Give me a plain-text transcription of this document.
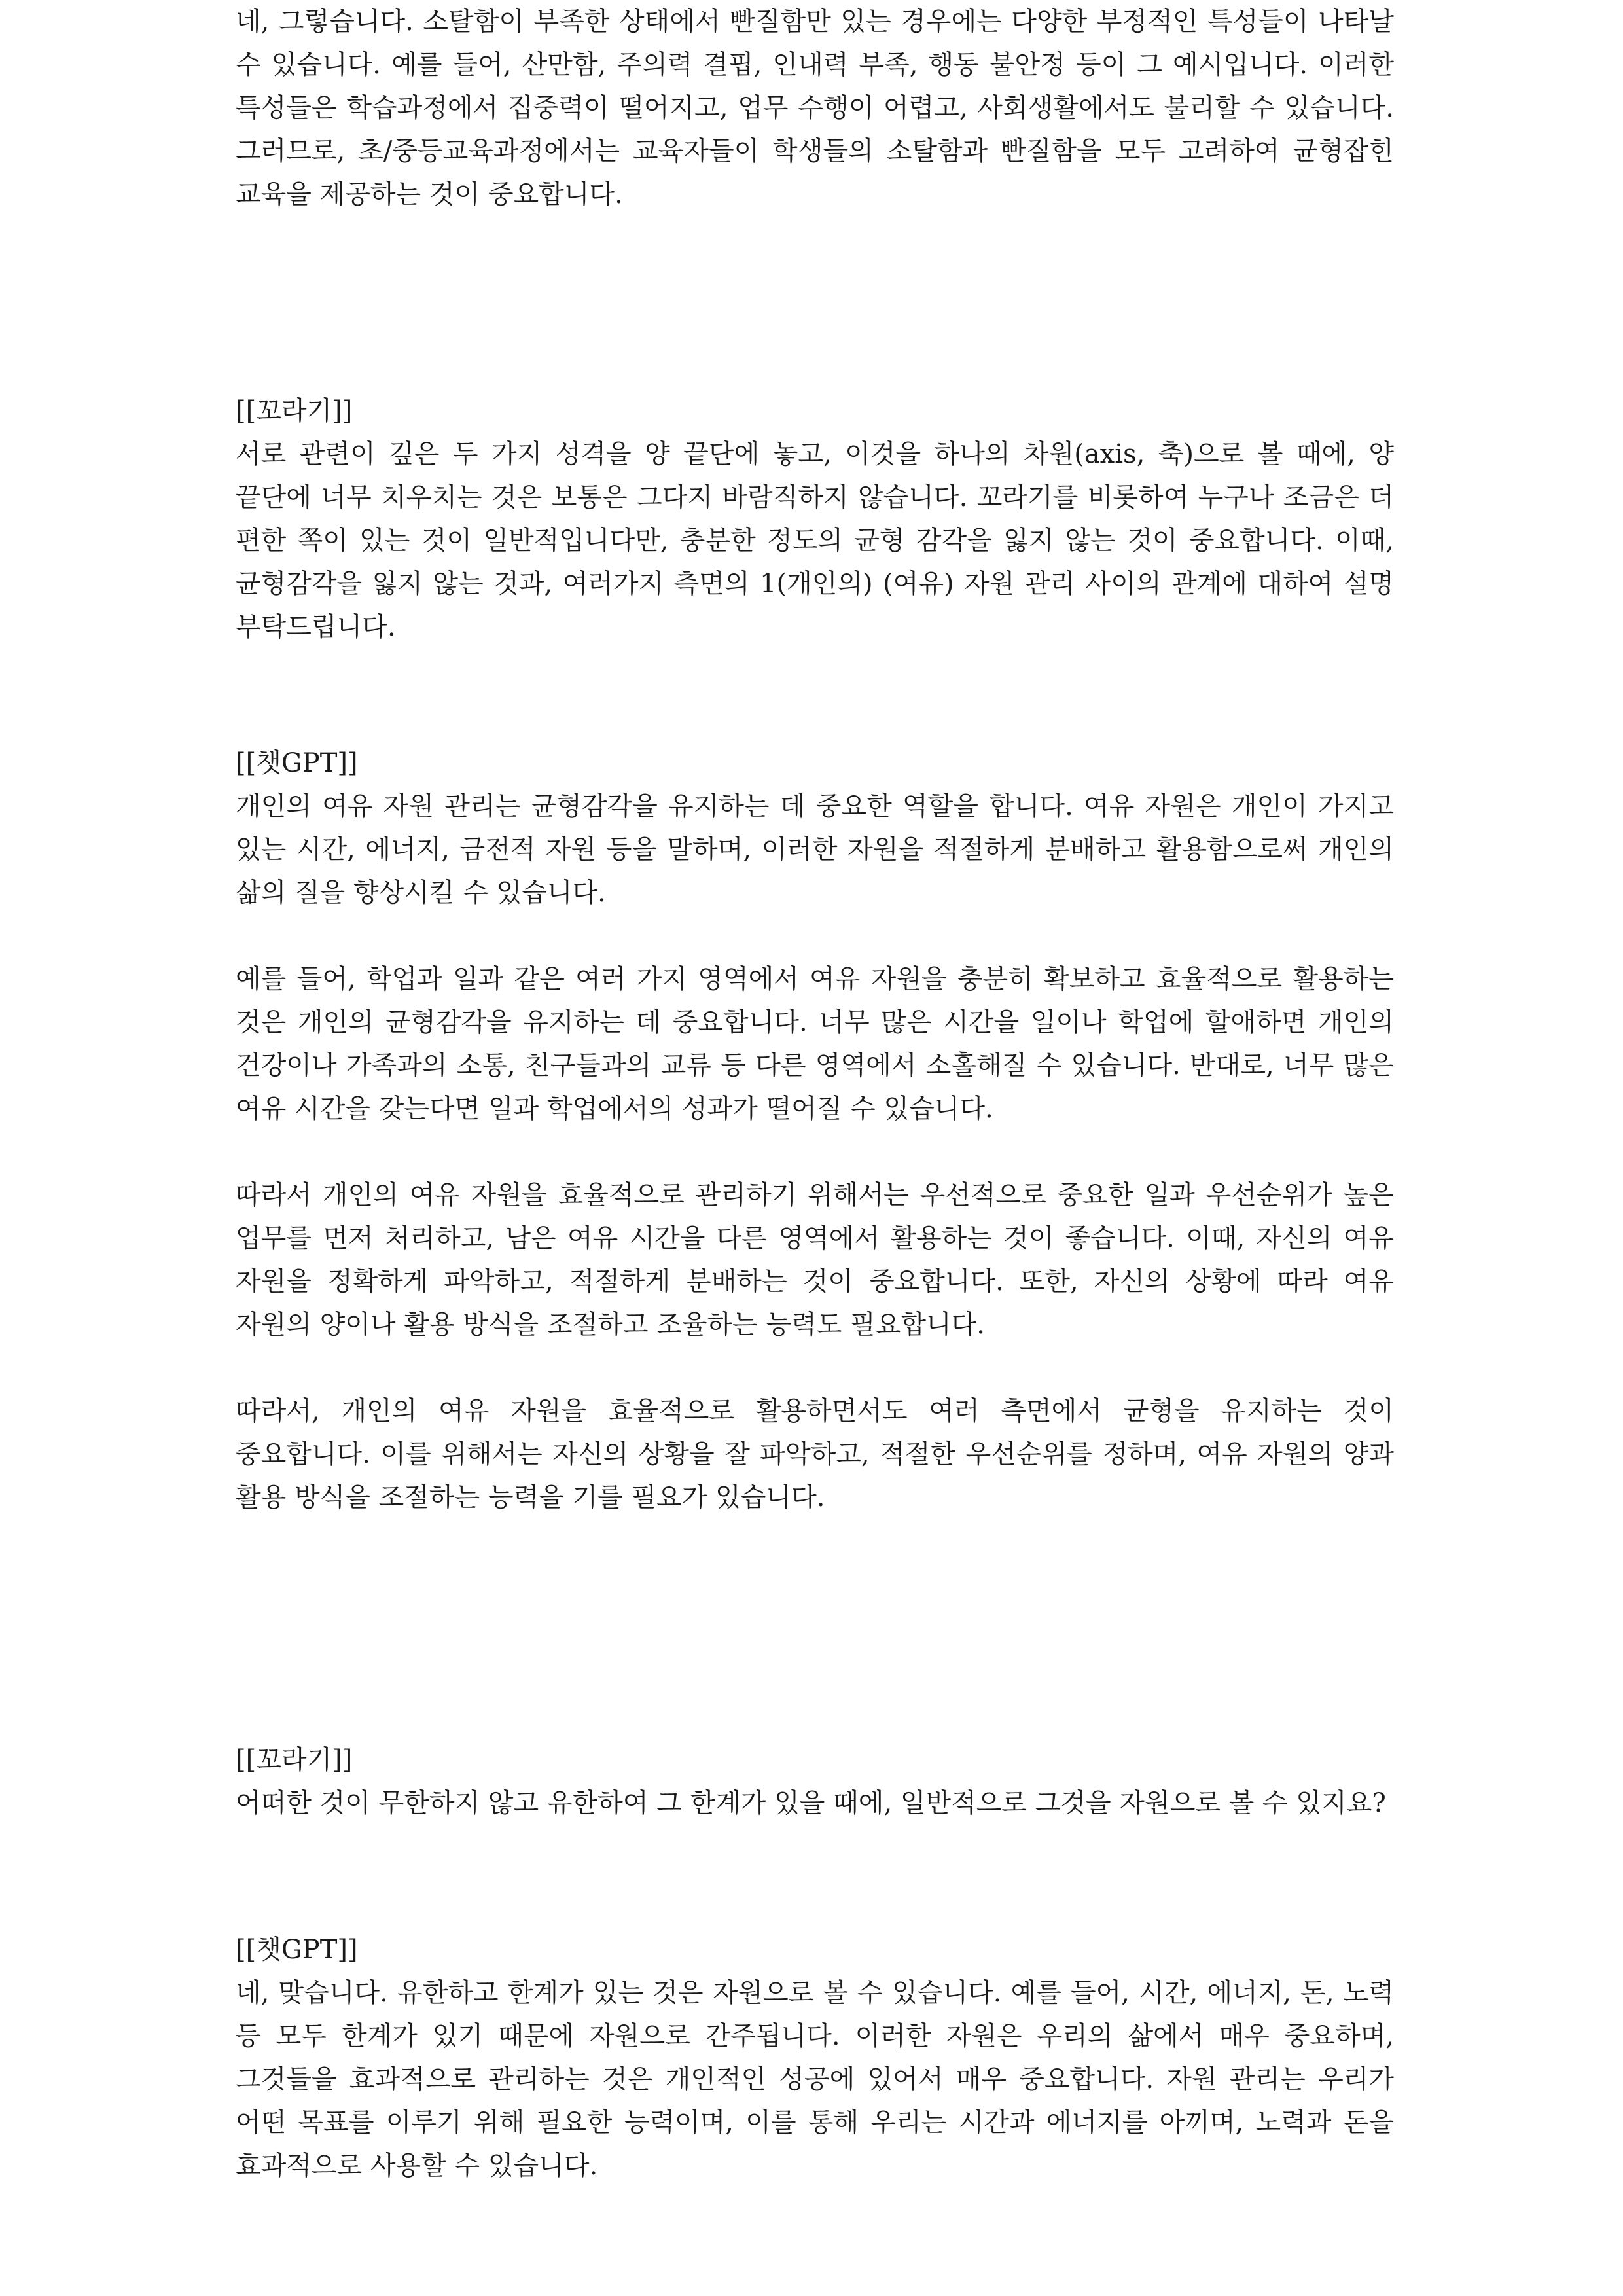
네, 그렇습니다. 소탈함이 부족한 상태에서 빤질함만 있는 경우에는 다양한 부정적인 특성들이 나타날 수 있습니다. 예를 들어, 산만함, 주의력 결핍, 인내력 부족, 행동 불안정 등이 그 예시입니다. 이러한 특성들은 학습과정에서 집중력이 떨어지고, 업무 수행이 어렵고, 사회생활에서도 불리할 수 있습니다. 그러므로, 초/중등교육과정에서는 교육자들이 학생들의 소탈함과 빤질함을 모두 고려하여 균형잡힌 교육을 제공하는 것이 중요합니다.

[[꼬라기]]

서로 관련이 깊은 두 가지 성격을 양 끝단에 놓고, 이것을 하나의 차원(axis, 축)으로 볼 때에, 양 끝단에 너무 치우치는 것은 보통은 그다지 바람직하지 않습니다. 꼬라기를 비롯하여 누구나 조금은 더 편한 쪽이 있는 것이 일반적입니다만, 충분한 정도의 균형 감각을 잃지 않는 것이 중요합니다. 이때, 균형감각을 잃지 않는 것과, 여러가지 측면의 1(개인의) (여유) 자원 관리 사이의 관계에 대하여 설명 부탁드립니다.

[[챗GPT]]

개인의 여유 자원 관리는 균형감각을 유지하는 데 중요한 역할을 합니다. 여유 자원은 개인이 가지고 있는 시간, 에너지, 금전적 자원 등을 말하며, 이러한 자원을 적절하게 분배하고 활용함으로써 개인의 삶의 질을 향상시킬 수 있습니다.

예를 들어, 학업과 일과 같은 여러 가지 영역에서 여유 자원을 충분히 확보하고 효율적으로 활용하는 것은 개인의 균형감각을 유지하는 데 중요합니다. 너무 많은 시간을 일이나 학업에 할애하면 개인의 건강이나 가족과의 소통, 친구들과의 교류 등 다른 영역에서 소홀해질 수 있습니다. 반대로, 너무 많은 여유 시간을 갖는다면 일과 학업에서의 성과가 떨어질 수 있습니다.

따라서 개인의 여유 자원을 효율적으로 관리하기 위해서는 우선적으로 중요한 일과 우선순위가 높은 업무를 먼저 처리하고, 남은 여유 시간을 다른 영역에서 활용하는 것이 좋습니다. 이때, 자신의 여유 자원을 정확하게 파악하고, 적절하게 분배하는 것이 중요합니다. 또한, 자신의 상황에 따라 여유 자원의 양이나 활용 방식을 조절하고 조율하는 능력도 필요합니다.

따라서, 개인의 여유 자원을 효율적으로 활용하면서도 여러 측면에서 균형을 유지하는 것이 중요합니다. 이를 위해서는 자신의 상황을 잘 파악하고, 적절한 우선순위를 정하며, 여유 자원의 양과 활용 방식을 조절하는 능력을 기를 필요가 있습니다.

[[꼬라기]]

어떠한 것이 무한하지 않고 유한하여 그 한계가 있을 때에, 일반적으로 그것을 자원으로 볼 수 있지요?

[[챗GPT]]

네, 맞습니다. 유한하고 한계가 있는 것은 자원으로 볼 수 있습니다. 예를 들어, 시간, 에너지, 돈, 노력 등 모두 한계가 있기 때문에 자원으로 간주됩니다. 이러한 자원은 우리의 삶에서 매우 중요하며, 그것들을 효과적으로 관리하는 것은 개인적인 성공에 있어서 매우 중요합니다. 자원 관리는 우리가 어떤 목표를 이루기 위해 필요한 능력이며, 이를 통해 우리는 시간과 에너지를 아끼며, 노력과 돈을 효과적으로 사용할 수 있습니다.
